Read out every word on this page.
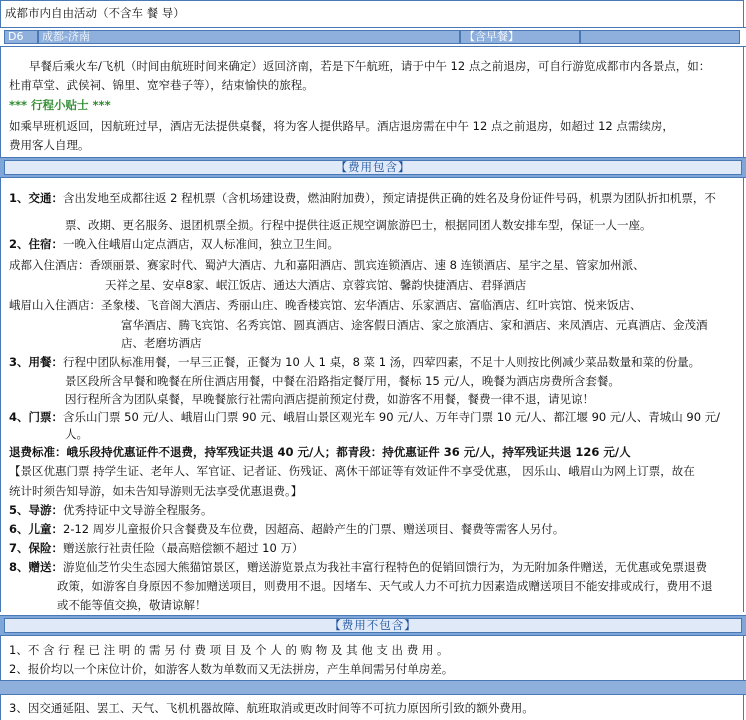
成都市内自由活动（不含车 餐 导）
D6	成都-济南	【含早餐】
早餐后乘火车/飞机（时间由航班时间来确定）返回济南，若是下午航班，请于中午 12 点之前退房，可自行游览成都市内各景点，如：
杜甫草堂、武侯祠、锦里、宽窄巷子等），结束愉快的旅程。
*** 行程小贴士 ***
如乘早班机返回，因航班过早，酒店无法提供桌餐，将为客人提供路早。酒店退房需在中午 12 点之前退房，如超过 12 点需续房，
费用客人自理。
【费用包含】
1、交通：含出发地至成都往返 2 程机票（含机场建设费，燃油附加费），预定请提供正确的姓名及身份证件号码，机票为团队折扣机票，不
票、改期、更名服务、退团机票全损。行程中提供往返正规空调旅游巴士，根据同团人数安排车型，保证一人一座。
2、住宿：一晚入住峨眉山定点酒店，双人标准间，独立卫生间。
成都入住酒店：香颂丽景、赛家时代、蜀泸大酒店、九和嘉阳酒店、凯宾连锁酒店、速 8 连锁酒店、星宇之星、管家加州派、
天祥之星、安卓8家、岷江饭店、通达大酒店、京蓉宾馆、馨韵快捷酒店、君驿酒店
峨眉山入住酒店：圣象楼、飞音阁大酒店、秀丽山庄、晚香楼宾馆、宏华酒店、乐家酒店、富临酒店、红叶宾馆、悦来饭店、
富华酒店、腾飞宾馆、名秀宾馆、圆真酒店、途客假日酒店、家之旅酒店、家和酒店、来凤酒店、元真酒店、金茂酒
店、老磨坊酒店
3、用餐：行程中团队标准用餐，一早三正餐，正餐为 10 人 1 桌，8 菜 1 汤，四荤四素，不足十人则按比例减少菜品数量和菜的份量。
景区段所含早餐和晚餐在所住酒店用餐，中餐在沿路指定餐厅用，餐标 15 元/人，晚餐为酒店房费所含套餐。
因行程所含为团队桌餐，早晚餐旅行社需向酒店提前预定付费，如游客不用餐，餐费一律不退，请见谅！
4、门票：含乐山门票 50 元/人、峨眉山门票 90 元、峨眉山景区观光车 90 元/人、万年寺门票 10 元/人、都江堰 90 元/人、青城山 90 元/
人。
退费标准：峨乐段持优惠证件不退费，持军残证共退 40 元/人；都青段：持优惠证件 36 元/人，持军残证共退 126 元/人
【景区优惠门票 持学生证、老年人、军官证、记者证、伤残证、离休干部证等有效证件不享受优惠， 因乐山、峨眉山为网上订票，故在
统计时须告知导游，如未告知导游则无法享受优惠退费。】
5、导游：优秀持证中文导游全程服务。
6、儿童：2-12 周岁儿童报价只含餐费及车位费，因超高、超龄产生的门票、赠送项目、餐费等需客人另付。
7、保险：赠送旅行社责任险（最高赔偿额不超过 10 万）
8、赠送：游览仙芝竹尖生态园大熊猫馆景区，赠送游览景点为我社丰富行程特色的促销回馈行为，为无附加条件赠送，无优惠或免票退费
政策，如游客自身原因不参加赠送项目，则费用不退。因堵车、天气或人力不可抗力因素造成赠送项目不能安排或成行，费用不退
或不能等值交换，敬请谅解！
【费用不包含】
1、不 含 行 程 已 注 明 的 需 另 付 费 项 目 及 个 人 的 购 物 及 其 他 支 出 费 用 。
2、报价均以一个床位计价，如游客人数为单数而又无法拼房，产生单间需另付单房差。
3、因交通延阻、罢工、天气、飞机机器故障、航班取消或更改时间等不可抗力原因所引致的额外费用。
